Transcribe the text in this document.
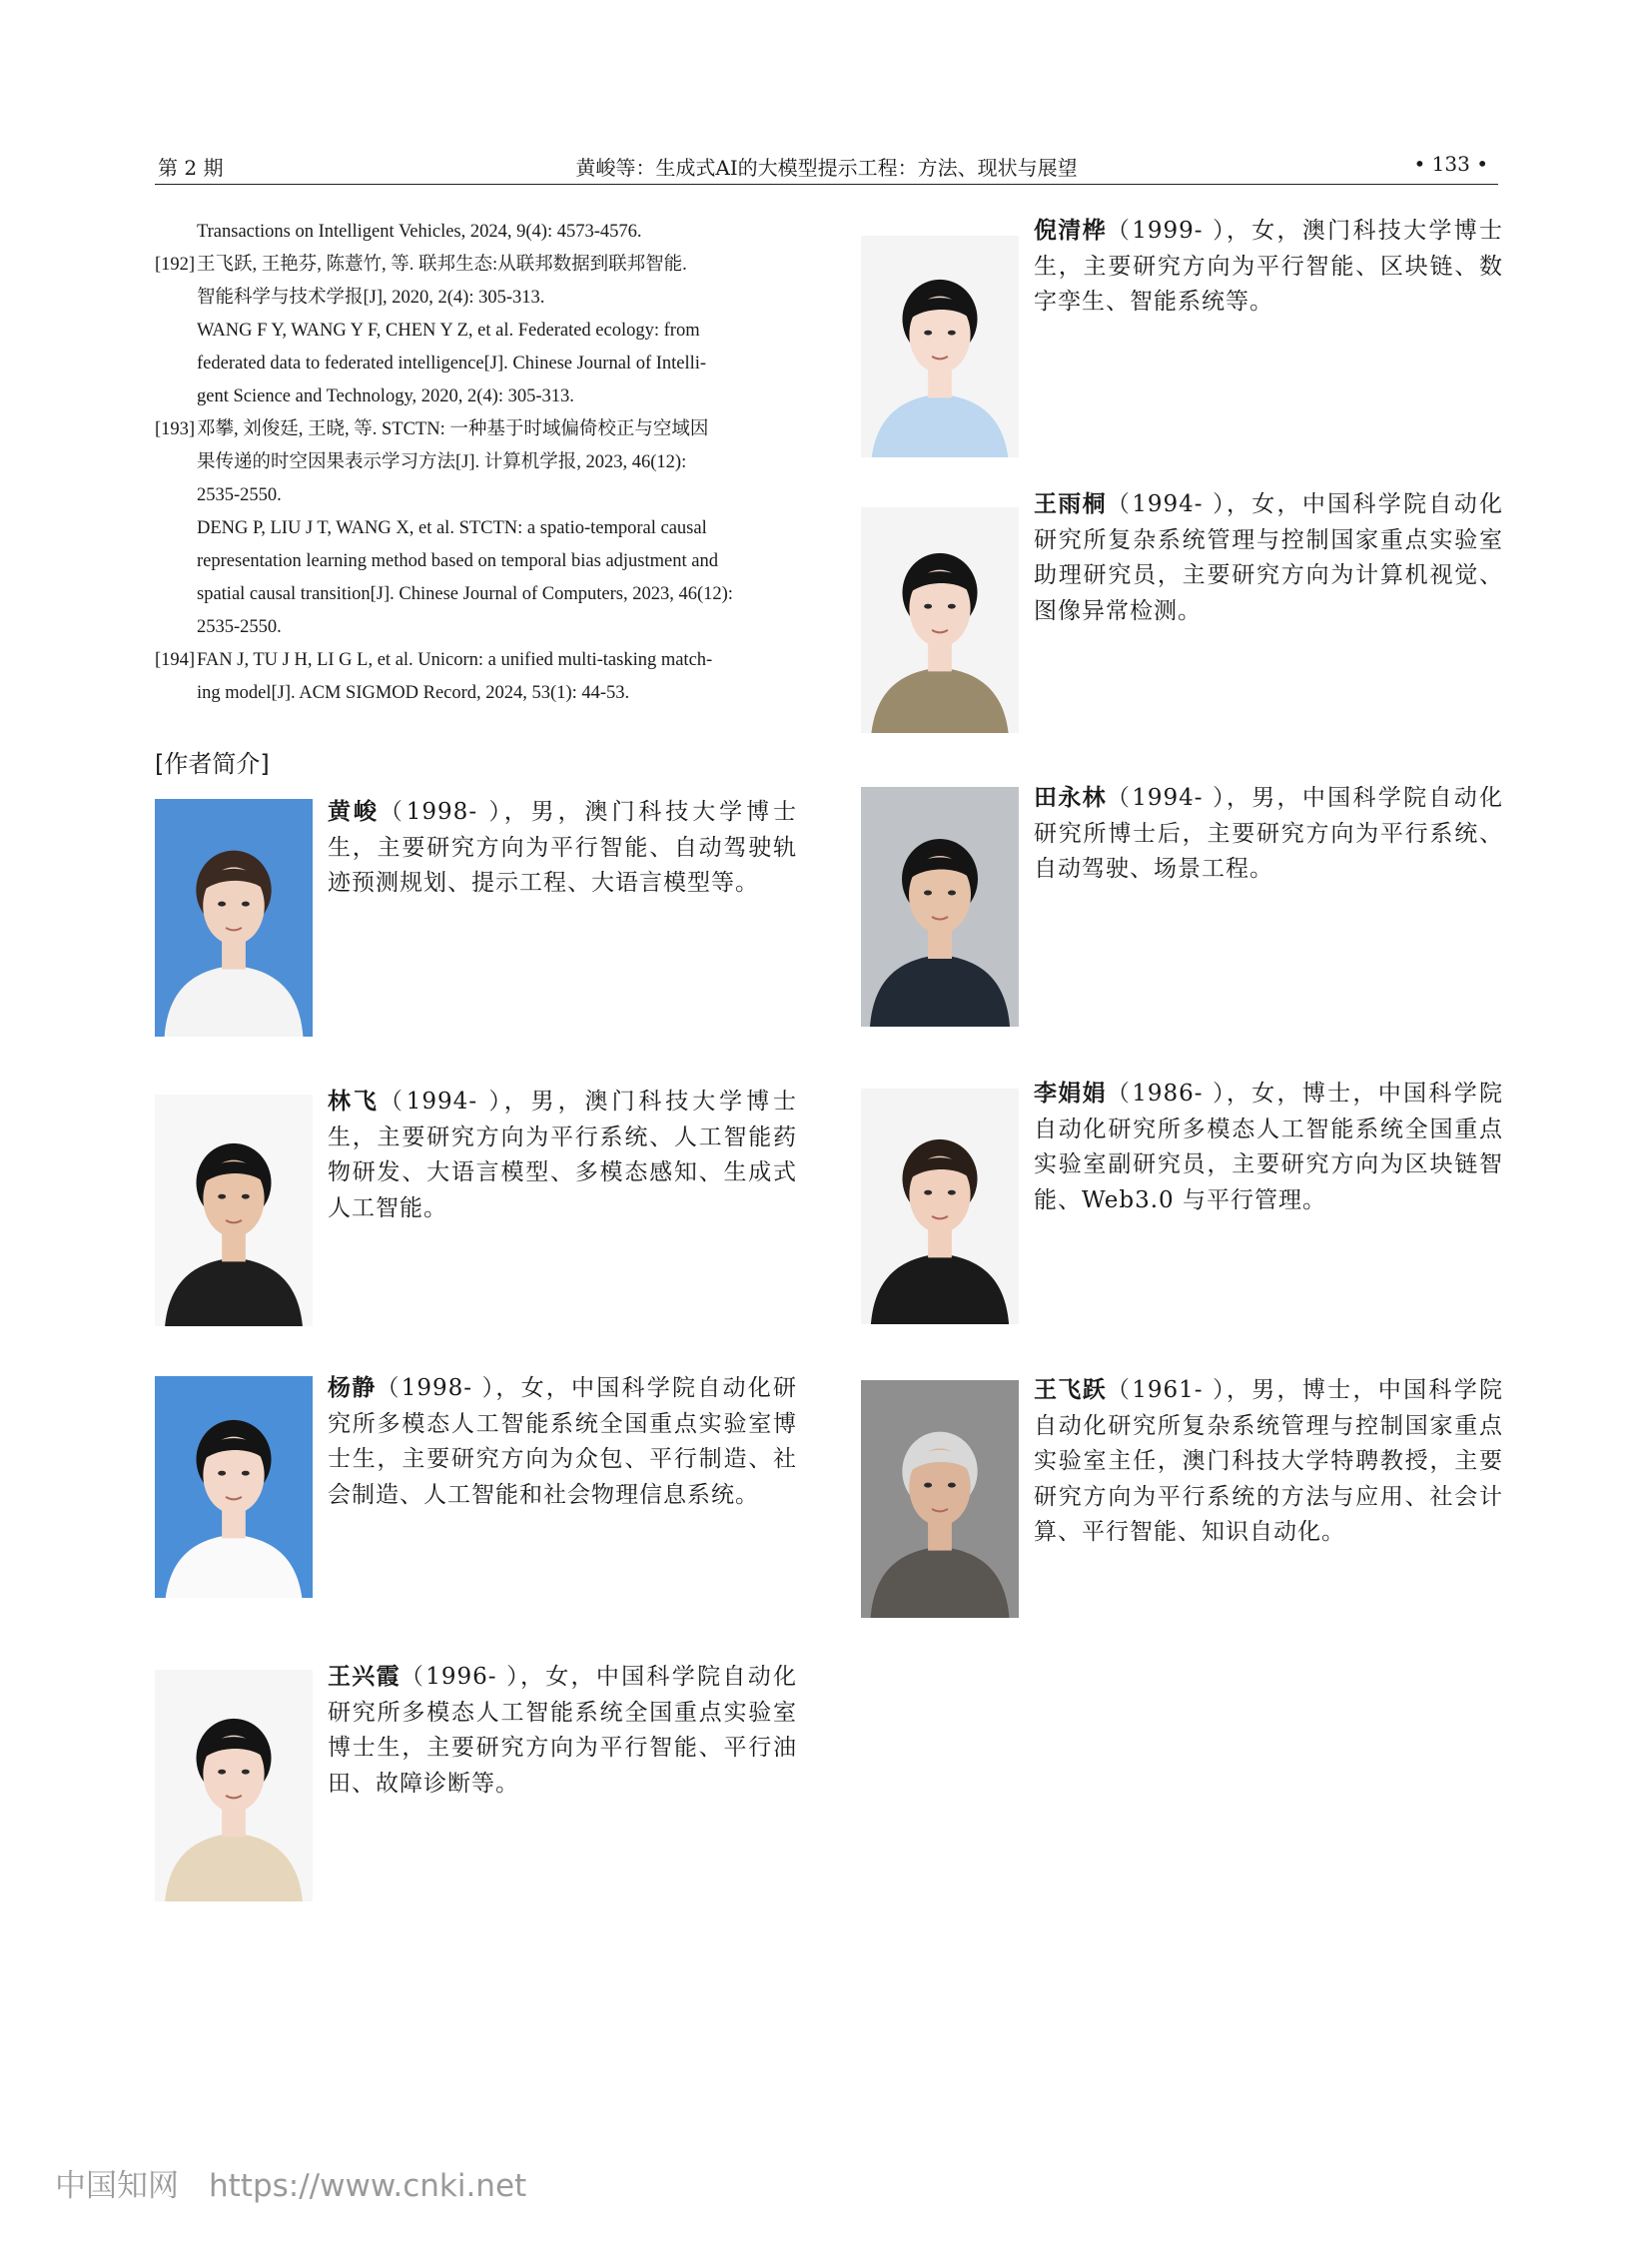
第 2 期	黄峻等：生成式AI的大模型提示工程：方法、现状与展望	• 133 •
Transactions on Intelligent Vehicles, 2024, 9(4): 4573-4576.
[192] 王飞跃, 王艳芬, 陈薏竹, 等. 联邦生态:从联邦数据到联邦智能.
智能科学与技术学报[J], 2020, 2(4): 305-313.
WANG F Y, WANG Y F, CHEN Y Z, et al. Federated ecology: from
federated data to federated intelligence[J]. Chinese Journal of Intelli-
gent Science and Technology, 2020, 2(4): 305-313.
[193] 邓攀, 刘俊廷, 王晓, 等. STCTN: 一种基于时域偏倚校正与空域因
果传递的时空因果表示学习方法[J]. 计算机学报, 2023, 46(12):
2535-2550.
DENG P, LIU J T, WANG X, et al. STCTN: a spatio-temporal causal
representation learning method based on temporal bias adjustment and
spatial causal transition[J]. Chinese Journal of Computers, 2023, 46(12):
2535-2550.
[194] FAN J, TU J H, LI G L, et al. Unicorn: a unified multi-tasking match-
ing model[J]. ACM SIGMOD Record, 2024, 53(1): 44-53.
[作者简介]
黄峻（1998- ），男，澳门科技大学博士生，主要研究方向为平行智能、自动驾驶轨迹预测规划、提示工程、大语言模型等。
林飞（1994- ），男，澳门科技大学博士生，主要研究方向为平行系统、人工智能药物研发、大语言模型、多模态感知、生成式人工智能。
杨静（1998- ），女，中国科学院自动化研究所多模态人工智能系统全国重点实验室博士生，主要研究方向为众包、平行制造、社会制造、人工智能和社会物理信息系统。
王兴霞（1996- ），女，中国科学院自动化研究所多模态人工智能系统全国重点实验室博士生，主要研究方向为平行智能、平行油田、故障诊断等。
倪清桦（1999- ），女，澳门科技大学博士生，主要研究方向为平行智能、区块链、数字孪生、智能系统等。
王雨桐（1994- ），女，中国科学院自动化研究所复杂系统管理与控制国家重点实验室助理研究员，主要研究方向为计算机视觉、图像异常检测。
田永林（1994- ），男，中国科学院自动化研究所博士后，主要研究方向为平行系统、自动驾驶、场景工程。
李娟娟（1986- ），女，博士，中国科学院自动化研究所多模态人工智能系统全国重点实验室副研究员，主要研究方向为区块链智能、Web3.0 与平行管理。
王飞跃（1961- ），男，博士，中国科学院自动化研究所复杂系统管理与控制国家重点实验室主任，澳门科技大学特聘教授，主要研究方向为平行系统的方法与应用、社会计算、平行智能、知识自动化。
中国知网 https://www.cnki.net
